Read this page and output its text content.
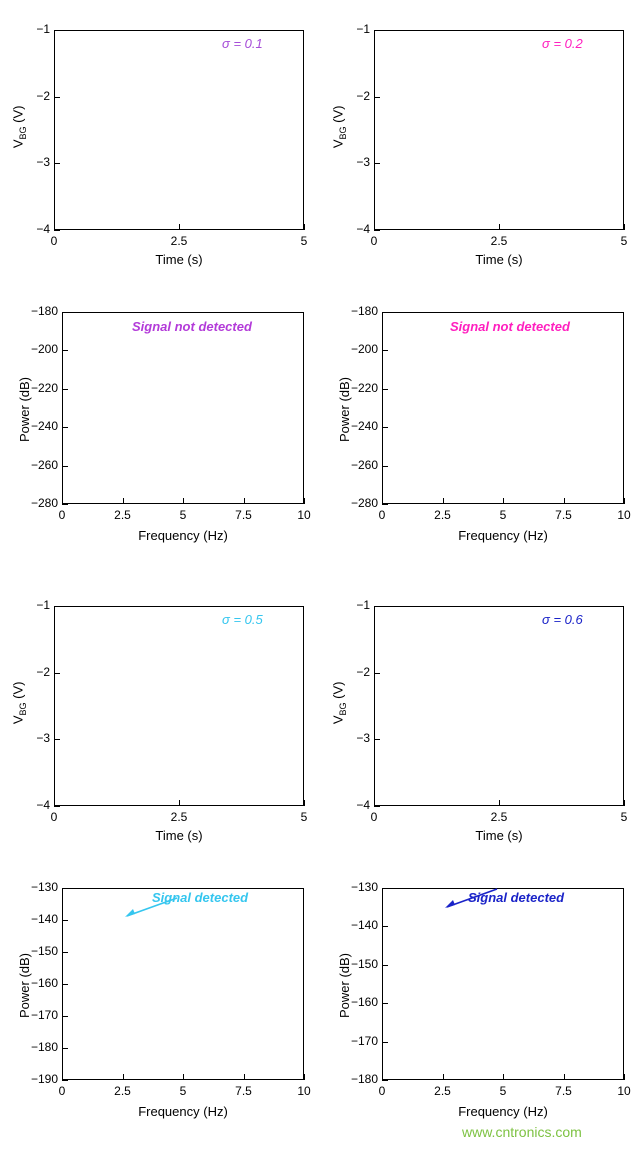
$V_{BG}$ (V)
Time (s)
σ = 0.1
0	2.5	5
−4
−3
−2
−1
$V_{BG}$ (V)
Time (s)
σ = 0.2
0	2.5	5
−4
−3
−2
−1
Power (dB)
Frequency (Hz)
Signal not detected
0	2.5	5	7.5	10
−280
−260
−240
−220
−200
−180
Power (dB)
Frequency (Hz)
Signal not detected
0	2.5	5	7.5	10
−280
−260
−240
−220
−200
−180
$V_{BG}$ (V)
Time (s)
σ = 0.5
0	2.5	5
−4
−3
−2
−1
$V_{BG}$ (V)
Time (s)
σ = 0.6
0	2.5	5
−4
−3
−2
−1
Power (dB)
Frequency (Hz)
Signal detected
0	2.5	5	7.5	10
−190
−180
−170
−160
−150
−140
−130
Power (dB)
Frequency (Hz)
Signal detected
0	2.5	5	7.5	10
−180
−170
−160
−150
−140
−130
www.cntronics.com
